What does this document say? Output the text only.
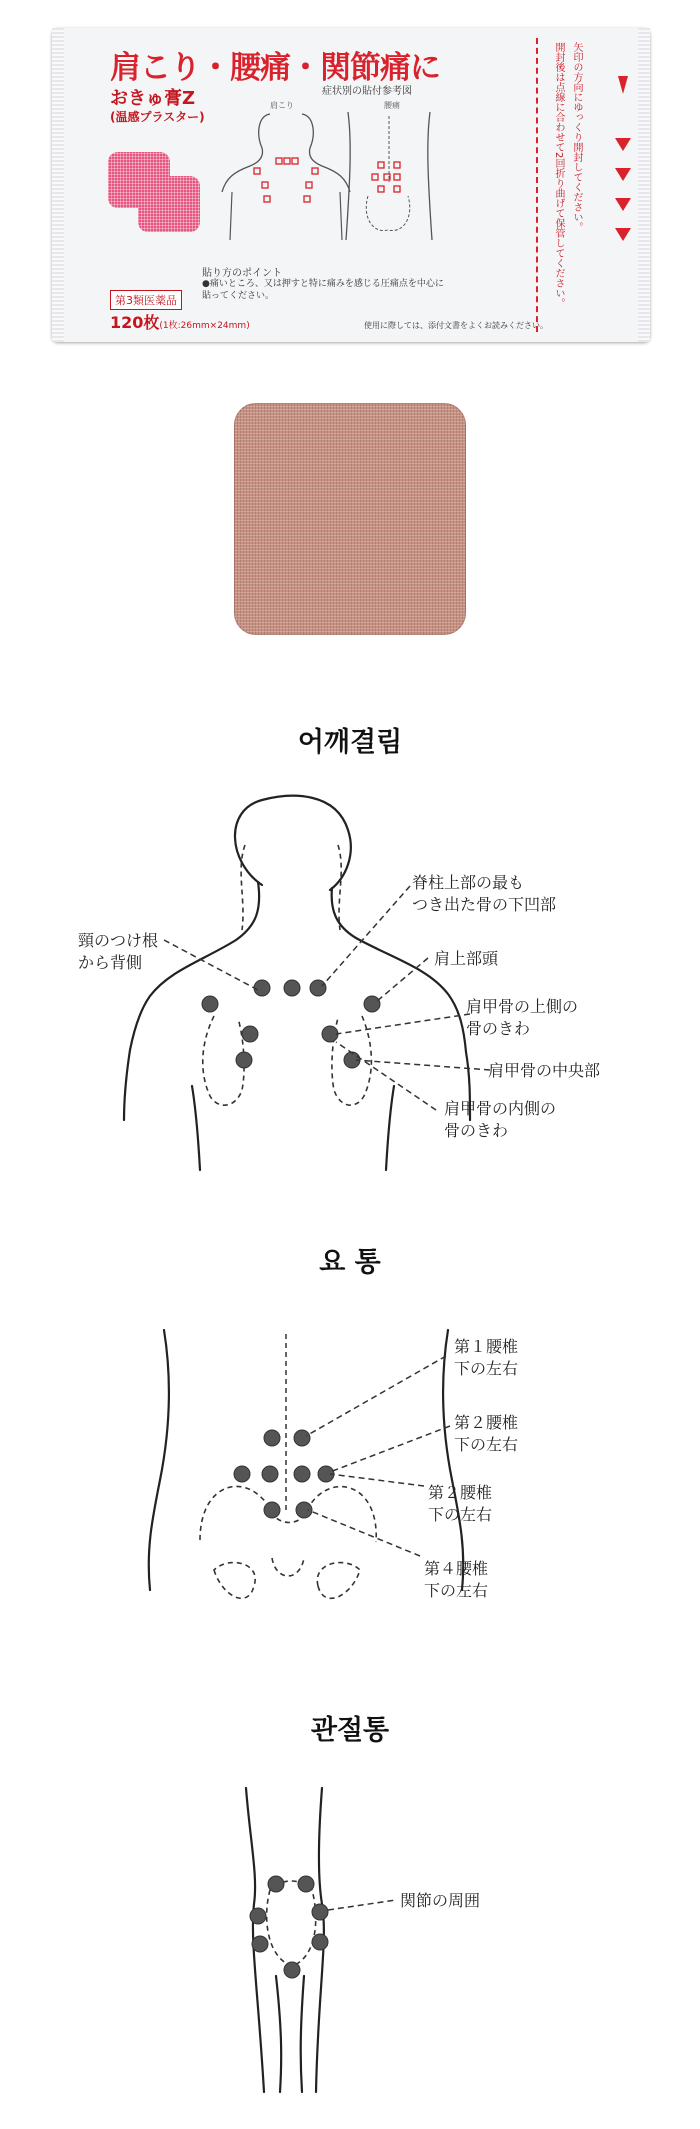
肩こり・腰痛・関節痛に
おきゅ膏Z
(温感プラスター)
症状別の貼付参考図
肩こり	腰痛
貼り方のポイント
●痛いところ、又は押すと特に痛みを感じる圧痛点を中心に貼ってください。
第3類医薬品
120枚(1枚:26mm×24mm)	使用に際しては、添付文書をよくお読みください。
開封後は点線に合わせて2回折り曲げて保管してください。 矢印の方向にゆっくり開封してください。
어깨결림
頸のつけ根
から背側
脊柱上部の最も
つき出た骨の下凹部
肩上部頭
肩甲骨の上側の
骨のきわ
肩甲骨の中央部
肩甲骨の内側の
骨のきわ
요 통
第１腰椎
下の左右
第２腰椎
下の左右
第２腰椎
下の左右
第４腰椎
下の左右
관절통
関節の周囲
